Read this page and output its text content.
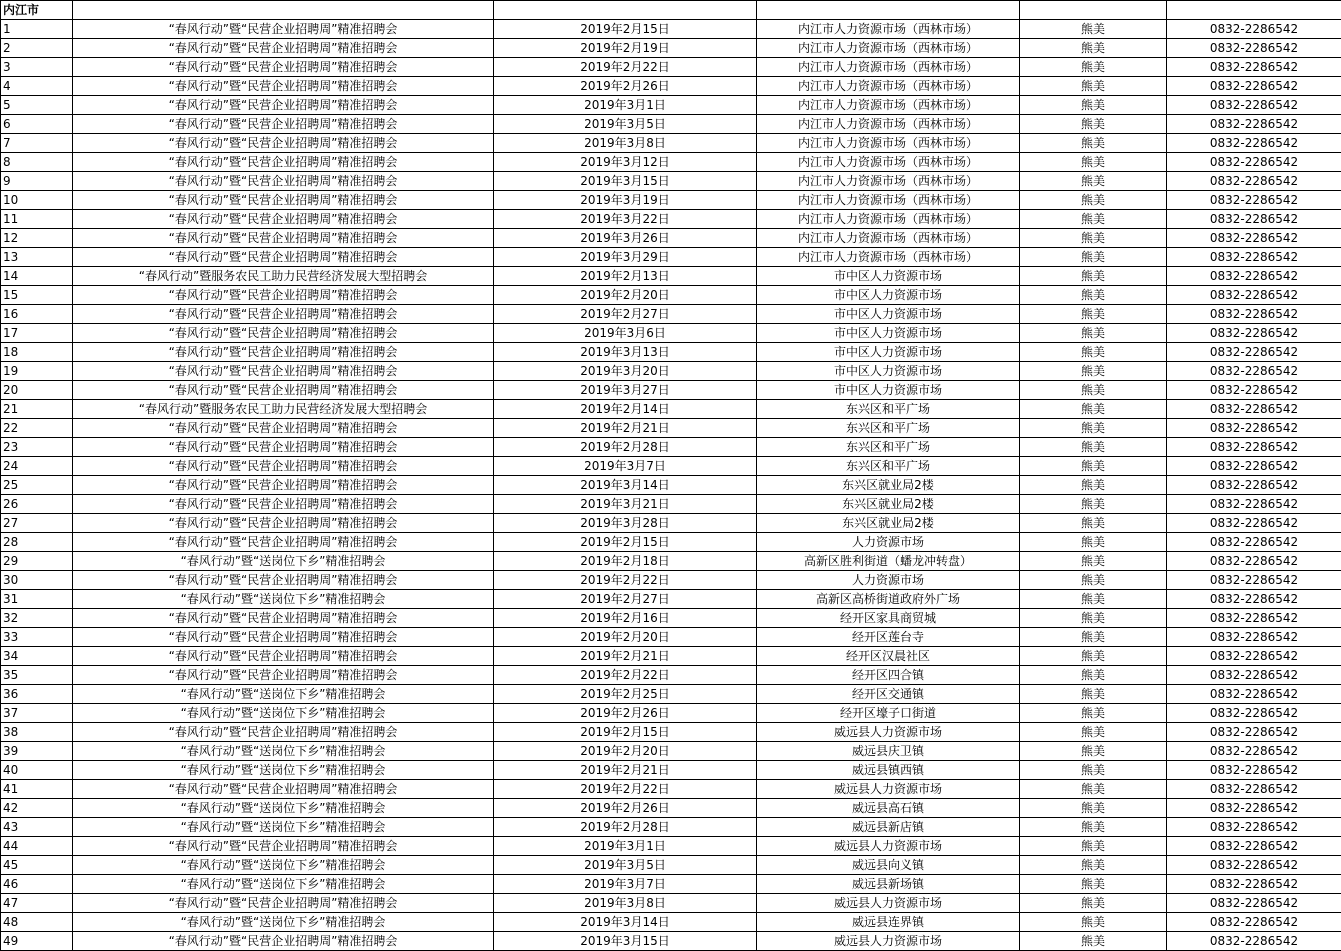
内江市					
1	“春风行动”暨“民营企业招聘周”精准招聘会	2019年2月15日	内江市人力资源市场（西林市场）	熊美	0832-2286542
2	“春风行动”暨“民营企业招聘周”精准招聘会	2019年2月19日	内江市人力资源市场（西林市场）	熊美	0832-2286542
3	“春风行动”暨“民营企业招聘周”精准招聘会	2019年2月22日	内江市人力资源市场（西林市场）	熊美	0832-2286542
4	“春风行动”暨“民营企业招聘周”精准招聘会	2019年2月26日	内江市人力资源市场（西林市场）	熊美	0832-2286542
5	“春风行动”暨“民营企业招聘周”精准招聘会	2019年3月1日	内江市人力资源市场（西林市场）	熊美	0832-2286542
6	“春风行动”暨“民营企业招聘周”精准招聘会	2019年3月5日	内江市人力资源市场（西林市场）	熊美	0832-2286542
7	“春风行动”暨“民营企业招聘周”精准招聘会	2019年3月8日	内江市人力资源市场（西林市场）	熊美	0832-2286542
8	“春风行动”暨“民营企业招聘周”精准招聘会	2019年3月12日	内江市人力资源市场（西林市场）	熊美	0832-2286542
9	“春风行动”暨“民营企业招聘周”精准招聘会	2019年3月15日	内江市人力资源市场（西林市场）	熊美	0832-2286542
10	“春风行动”暨“民营企业招聘周”精准招聘会	2019年3月19日	内江市人力资源市场（西林市场）	熊美	0832-2286542
11	“春风行动”暨“民营企业招聘周”精准招聘会	2019年3月22日	内江市人力资源市场（西林市场）	熊美	0832-2286542
12	“春风行动”暨“民营企业招聘周”精准招聘会	2019年3月26日	内江市人力资源市场（西林市场）	熊美	0832-2286542
13	“春风行动”暨“民营企业招聘周”精准招聘会	2019年3月29日	内江市人力资源市场（西林市场）	熊美	0832-2286542
14	“春风行动”暨服务农民工助力民营经济发展大型招聘会	2019年2月13日	市中区人力资源市场	熊美	0832-2286542
15	“春风行动”暨“民营企业招聘周”精准招聘会	2019年2月20日	市中区人力资源市场	熊美	0832-2286542
16	“春风行动”暨“民营企业招聘周”精准招聘会	2019年2月27日	市中区人力资源市场	熊美	0832-2286542
17	“春风行动”暨“民营企业招聘周”精准招聘会	2019年3月6日	市中区人力资源市场	熊美	0832-2286542
18	“春风行动”暨“民营企业招聘周”精准招聘会	2019年3月13日	市中区人力资源市场	熊美	0832-2286542
19	“春风行动”暨“民营企业招聘周”精准招聘会	2019年3月20日	市中区人力资源市场	熊美	0832-2286542
20	“春风行动”暨“民营企业招聘周”精准招聘会	2019年3月27日	市中区人力资源市场	熊美	0832-2286542
21	“春风行动”暨服务农民工助力民营经济发展大型招聘会	2019年2月14日	东兴区和平广场	熊美	0832-2286542
22	“春风行动”暨“民营企业招聘周”精准招聘会	2019年2月21日	东兴区和平广场	熊美	0832-2286542
23	“春风行动”暨“民营企业招聘周”精准招聘会	2019年2月28日	东兴区和平广场	熊美	0832-2286542
24	“春风行动”暨“民营企业招聘周”精准招聘会	2019年3月7日	东兴区和平广场	熊美	0832-2286542
25	“春风行动”暨“民营企业招聘周”精准招聘会	2019年3月14日	东兴区就业局2楼	熊美	0832-2286542
26	“春风行动”暨“民营企业招聘周”精准招聘会	2019年3月21日	东兴区就业局2楼	熊美	0832-2286542
27	“春风行动”暨“民营企业招聘周”精准招聘会	2019年3月28日	东兴区就业局2楼	熊美	0832-2286542
28	“春风行动”暨“民营企业招聘周”精准招聘会	2019年2月15日	人力资源市场	熊美	0832-2286542
29	“春风行动”暨“送岗位下乡”精准招聘会	2019年2月18日	高新区胜利街道（蟠龙冲转盘）	熊美	0832-2286542
30	“春风行动”暨“民营企业招聘周”精准招聘会	2019年2月22日	人力资源市场	熊美	0832-2286542
31	“春风行动”暨“送岗位下乡”精准招聘会	2019年2月27日	高新区高桥街道政府外广场	熊美	0832-2286542
32	“春风行动”暨“民营企业招聘周”精准招聘会	2019年2月16日	经开区家具商贸城	熊美	0832-2286542
33	“春风行动”暨“民营企业招聘周”精准招聘会	2019年2月20日	经开区莲台寺	熊美	0832-2286542
34	“春风行动”暨“民营企业招聘周”精准招聘会	2019年2月21日	经开区汉晨社区	熊美	0832-2286542
35	“春风行动”暨“民营企业招聘周”精准招聘会	2019年2月22日	经开区四合镇	熊美	0832-2286542
36	“春风行动”暨“送岗位下乡”精准招聘会	2019年2月25日	经开区交通镇	熊美	0832-2286542
37	“春风行动”暨“送岗位下乡”精准招聘会	2019年2月26日	经开区壕子口街道	熊美	0832-2286542
38	“春风行动”暨“民营企业招聘周”精准招聘会	2019年2月15日	威远县人力资源市场	熊美	0832-2286542
39	“春风行动”暨“送岗位下乡”精准招聘会	2019年2月20日	威远县庆卫镇	熊美	0832-2286542
40	“春风行动”暨“送岗位下乡”精准招聘会	2019年2月21日	威远县镇西镇	熊美	0832-2286542
41	“春风行动”暨“民营企业招聘周”精准招聘会	2019年2月22日	威远县人力资源市场	熊美	0832-2286542
42	“春风行动”暨“送岗位下乡”精准招聘会	2019年2月26日	威远县高石镇	熊美	0832-2286542
43	“春风行动”暨“送岗位下乡”精准招聘会	2019年2月28日	威远县新店镇	熊美	0832-2286542
44	“春风行动”暨“民营企业招聘周”精准招聘会	2019年3月1日	威远县人力资源市场	熊美	0832-2286542
45	“春风行动”暨“送岗位下乡”精准招聘会	2019年3月5日	威远县向义镇	熊美	0832-2286542
46	“春风行动”暨“送岗位下乡”精准招聘会	2019年3月7日	威远县新场镇	熊美	0832-2286542
47	“春风行动”暨“民营企业招聘周”精准招聘会	2019年3月8日	威远县人力资源市场	熊美	0832-2286542
48	“春风行动”暨“送岗位下乡”精准招聘会	2019年3月14日	威远县连界镇	熊美	0832-2286542
49	“春风行动”暨“民营企业招聘周”精准招聘会	2019年3月15日	威远县人力资源市场	熊美	0832-2286542
